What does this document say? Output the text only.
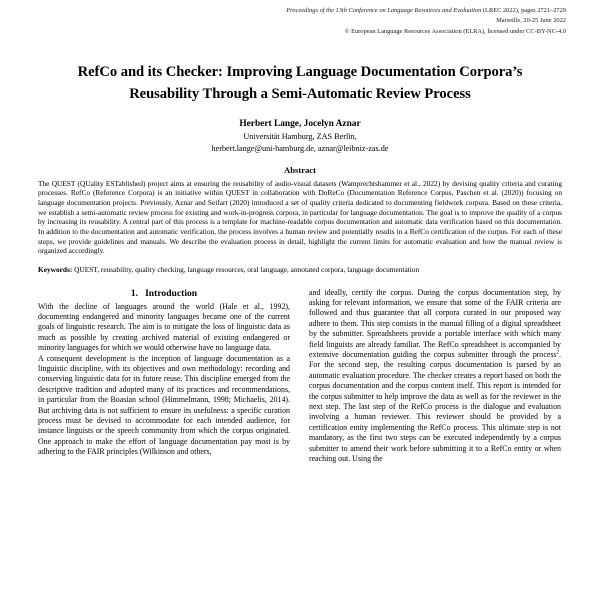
Proceedings of the 13th Conference on Language Resources and Evaluation (LREC 2022), pages 2721–2729
Marseille, 20-25 June 2022
© European Language Resources Association (ELRA), licensed under CC-BY-NC-4.0
RefCo and its Checker: Improving Language Documentation Corpora’s Reusability Through a Semi-Automatic Review Process
Herbert Lange, Jocelyn Aznar
Universität Hamburg, ZAS Berlin,
herbert.lange@uni-hamburg.de, aznar@leibniz-zas.de
Abstract
The QUEST (QUality ESTablished) project aims at ensuring the reusability of audio-visual datasets (Wamprechtshammer et al., 2022) by devising quality criteria and curating processes. RefCo (Reference Corpora) is an initiative within QUEST in collaboration with DoReCo (Documentation Reference Corpus, Paschen et al. (2020)) focusing on language documentation projects. Previously, Aznar and Seifart (2020) introduced a set of quality criteria dedicated to documenting fieldwork corpora. Based on these criteria, we establish a semi-automatic review process for existing and work-in-progress corpora, in particular for language documentation. The goal is to improve the quality of a corpus by increasing its reusability. A central part of this process is a template for machine-readable corpus documentation and automatic data verification based on this documentation. In addition to the documentation and automatic verification, the process involves a human review and potentially results in a RefCo certification of the corpus. For each of these steps, we provide guidelines and manuals. We describe the evaluation process in detail, highlight the current limits for automatic evaluation and how the manual review is organized accordingly.
Keywords: QUEST, reusability, quality checking, language resources, oral language, annotated corpora, language documentation
1. Introduction
With the decline of languages around the world (Hale et al., 1992), documenting endangered and minority languages became one of the current goals of linguistic research. The aim is to mitigate the loss of linguistic data as much as possible by creating archived material of existing endangered or minority languages for which we would otherwise have no language data.
A consequent development is the inception of language documentation as a linguistic discipline, with its objectives and own methodology: recording and conserving linguistic data for its future reuse. This discipline emerged from the descriptive tradition and adopted many of its practices and recommendations, in particular from the Boasian school (Himmelmann, 1998; Michaelis, 2014). But archiving data is not sufficient to ensure its usefulness: a specific curation process must be devised to accommodate for each intended audience, for instance linguists or the speech community from which the corpus originated. One approach to make the effort of language documentation pay most is by adhering to the FAIR principles (Wilkinson and others,
and ideally, certify the corpus. During the corpus documentation step, by asking for relevant information, we ensure that some of the FAIR criteria are followed and thus guarantee that all corpora curated in our proposed way adhere to them. This step consists in the manual filling of a digital spreadsheet by the submitter. Spreadsheets provide a portable interface with which many field linguists are already familiar. The RefCo spreadsheet is accompanied by extensive documentation guiding the corpus submitter through the process$^2$. For the second step, the resulting corpus documentation is parsed by an automatic evaluation procedure. The checker creates a report based on both the corpus documentation and the corpus content itself. This report is intended for the corpus submitter to help improve the data as well as for the reviewer in the next step. The last step of the RefCo process is the dialogue and evaluation involving a human reviewer. This reviewer should be provided by a certification entity implementing the RefCo process. This ultimate step is not mandatory, as the first two steps can be executed independently by a corpus submitter to amend their work before submitting it to a RefCo entity or when reaching out. Using the
